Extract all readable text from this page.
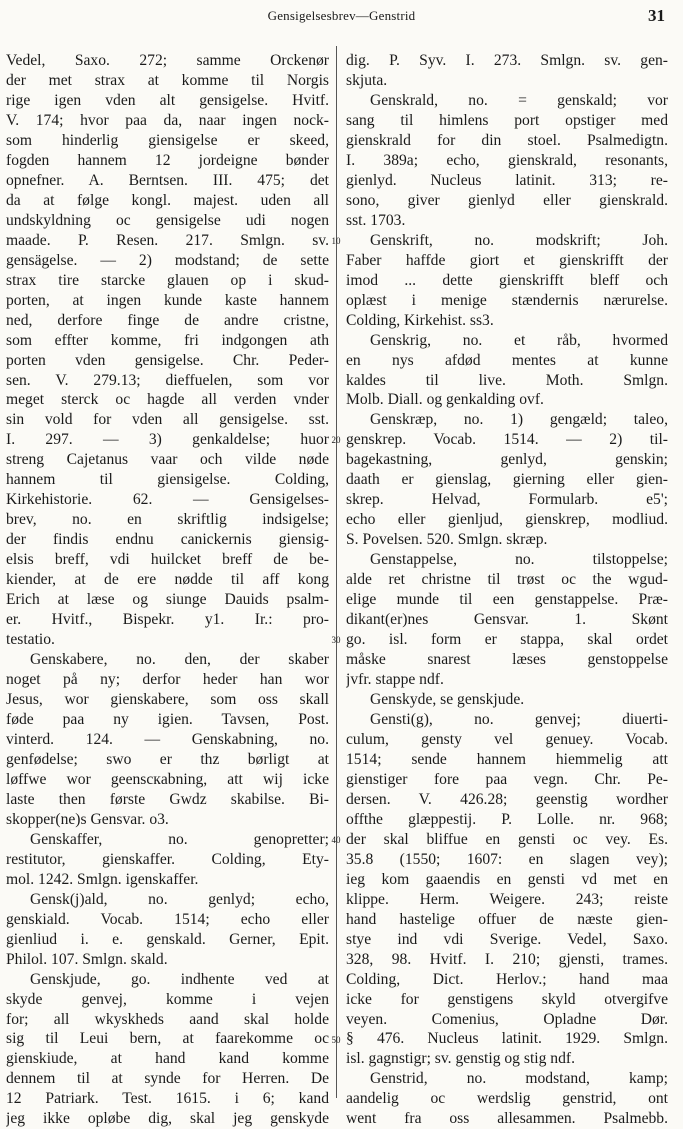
Gensigelsesbrev—Genstrid	31
Vedel, Saxo. 272; samme Orckenør
der met strax at komme til Norgis
rige igen vden alt gensigelse. Hvitf.
V. 174; hvor paa da, naar ingen nock-
som hinderlig giensigelse er skeed,
fogden hannem 12 jordeigne bønder
opnefner. A. Berntsen. III. 475; det
da at følge kongl. majest. uden all
undskyldning oc gensigelse udi nogen
maade. P. Resen. 217. Smlgn. sv.
gensägelse. — 2) modstand; de sette
strax tire starcke glauen op i skud-
porten, at ingen kunde kaste hannem
ned, derfore finge de andre cristne,
som effter komme, fri indgongen ath
porten vden gensigelse. Chr. Peder-
sen. V. 279.13; dieffuelen, som vor
meget sterck oc hagde all verden vnder
sin vold for vden all gensigelse. sst.
I. 297. — 3) genkaldelse; huor
streng Cajetanus vaar och vilde nøde
hannem til giensigelse. Colding,
Kirkehistorie. 62. — Gensigelses-
brev, no. en skriftlig indsigelse;
der findis endnu canickernis giensig-
elsis breff, vdi huilcket breff de be-
kiender, at de ere nødde til aff kong
Erich at læse og siunge Dauids psalm-
er. Hvitf., Bispekr. y1. Ir.: pro-
testatio.
Genskabere, no. den, der skaber
noget på ny; derfor heder han wor
Jesus, wor gienskabere, som oss skall
føde paa ny igien. Tavsen, Post.
vinterd. 124. — Genskabning, no.
genfødelse; swo er thz børligt at
løffwe wor geenscкabning, att wij icke
laste then første Gwdz skabilse. Bi-
skopper(ne)s Gensvar. o3.
Genskaffer, no. genopretter;
restitutor, gienskaffer. Colding, Ety-
mol. 1242. Smlgn. igenskaffer.
Gensk(j)ald, no. genlyd; echo,
genskiald. Vocab. 1514; echo eller
gienliud i. e. genskald. Gerner, Epit.
Philol. 107. Smlgn. skald.
Genskjude, go. indhente ved at
skyde genvej, komme i vejen
for; all wkyskheds aand skal holde
sig til Leui bern, at faarekomme oc
gienskiude, at hand kand komme
dennem til at synde for Herren. De
12 Patriark. Test. 1615. i 6; kand
jeg ikke opløbe dig, skal jeg genskyde
dig. P. Syv. I. 273. Smlgn. sv. gen-
skjuta.
Genskrald, no. = genskald; vor
sang til himlens port opstiger med
gienskrald for din stoel. Psalmedigtn.
I. 389a; echo, gienskrald, resonants,
gienlyd. Nucleus latinit. 313; re-
sono, giver gienlyd eller gienskrald.
sst. 1703.
Genskrift, no. modskrift; Joh.
Faber haffde giort et gienskrifft der
imod ... dette gienskrifft bleff och
oplæst i menige stændernis nærurelse.
Colding, Kirkehist. ss3.
Genskrig, no. et råb, hvormed
en nys afdød mentes at kunne
kaldes til live. Moth. Smlgn.
Molb. Diall. og genkalding ovf.
Genskræp, no. 1) gengæld; taleo,
genskrep. Vocab. 1514. — 2) til-
bagekastning, genlyd, genskin;
daath er gienslag, gierning eller gien-
skrep. Helvad, Formularb. e5';
echo eller gienljud, gienskrep, modliud.
S. Povelsen. 520. Smlgn. skræp.
Genstappelse, no. tilstoppelse;
alde ret christne til trøst oc the wgud-
elige munde til een genstappelse. Præ-
dikant(er)nes Gensvar. 1. Skønt
go. isl. form er stappa, skal ordet
måske snarest læses genstoppelse
jvfr. stappe ndf.
Genskyde, se genskjude.
Gensti(g), no. genvej; diuerti-
culum, gensty vel genuey. Vocab.
1514; sende hannem hiemmelig att
gienstiger fore paa vegn. Chr. Pe-
dersen. V. 426.28; geenstig wordher
offthe glæppestij. P. Lolle. nr. 968;
der skal bliffue en gensti oc vey. Es.
35.8 (1550; 1607: en slagen vey);
ieg kom gaaendis en gensti vd met en
klippe. Herm. Weigere. 243; reiste
hand hastelige offuer de næste gien-
stye ind vdi Sverige. Vedel, Saxo.
328, 98. Hvitf. I. 210; gjensti, trames.
Colding, Dict. Herlov.; hand maa
icke for genstigens skyld otvergifve
veyen. Comenius, Opladne Dør.
§ 476. Nucleus latinit. 1929. Smlgn.
isl. gagnstigr; sv. genstig og stig ndf.
Genstrid, no. modstand, kamp;
aandelig oc werdslig genstrid, ont
went fra oss allesammen. Psalmebb.
10
20
30
40
50
